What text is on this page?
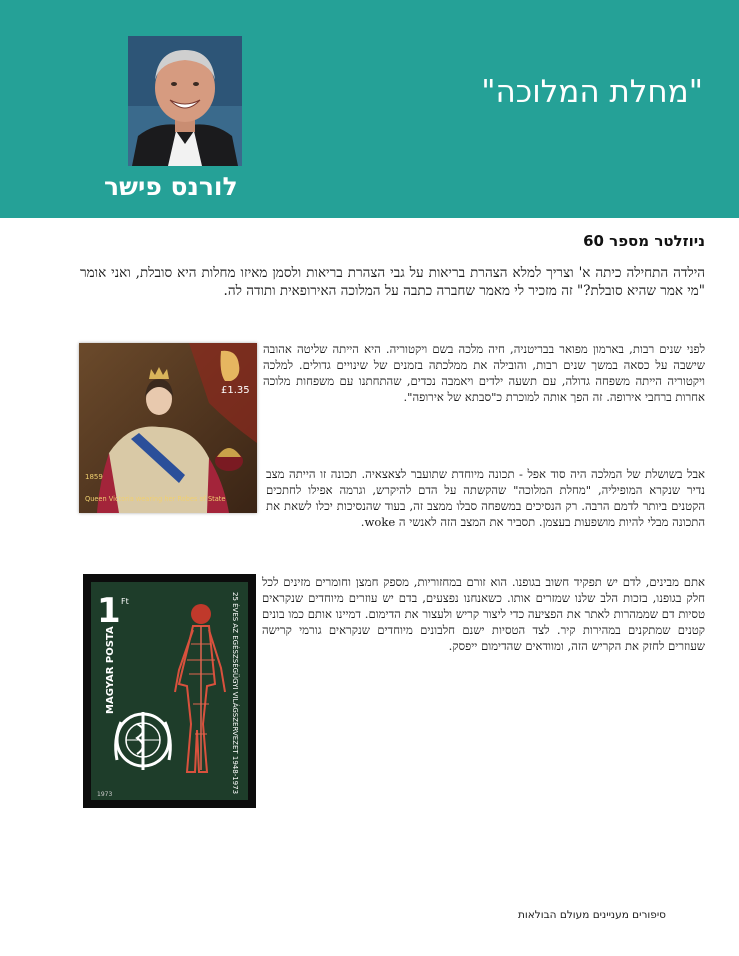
"מחלת המלוכה"
לורנס פישר
ניוזלטר מספר 60

הילדה התחילה כיתה א' וצריך למלא הצהרת בריאות על גבי הצהרת בריאות ולסמן מאיזו מחלות היא סובלת, ואני אומר "מי אמר שהיא סובלת?" זה מזכיר לי מאמר שחברה כתבה על המלוכה האירופאית ותודה לה.

£1.35
1859
Queen Victoria wearing her Robes of State

לפני שנים רבות, בארמון מפואר בבריטניה, חיה מלכה בשם ויקטוריה. היא הייתה שליטה אהובה שישבה על כסאה במשך שנים רבות, והובילה את ממלכתה בזמנים של שינויים גדולים. למלכה ויקטוריה הייתה משפחה גדולה, עם תשעה ילדים ויאמבה נכדים, שהתחתנו עם משפחות מלוכה אחרות ברחבי אירופה. זה הפך אותה למוכרת כ"סבתא של אירופה".

אבל בשושלת של המלכה היה סוד אפל - תכונה מיוחדת שתועבר לצאצאיה. תכונה זו הייתה מצב נדיר שנקרא המופיליה, "מחלת המלוכה" שהקשתה על הדם להיקרש, וגרמה אפילו לחתכים הקטנים ביותר לדמם הרבה. רק הנסיכים במשפחה סבלו ממצב זה, בעוד שהנסיכות יכלו לשאת את התכונה מבלי להיות מושפעות בעצמן. תסביר את המצב הזה לאנשי ה woke.

1 Ft
MAGYAR POSTA	25 ÉVES AZ EGÉSZSÉGÜGYI VILÁGSZERVEZET 1948-1973
1973

אתם מבינים, לדם יש תפקיד חשוב בגופנו. הוא זורם במחזוריות, מספק חמצן וחומרים מזינים לכל חלק בגופנו, בזכות הלב שלנו שמזרים אותו. כשאנחנו נפצעים, בדם יש עוזרים מיוחדים שנקראים טסיות דם שממהרות לאתר את הפציעה כדי ליצור קריש ולעצור את הדימום. דמיינו אותם כמו בונים קטנים שמתקנים במהירות קיר. לצד הטסיות ישנם חלבונים מיוחדים שנקראים גורמי קרישה שעוזרים לחזק את הקריש הזה, ומוודאים שהדימום ייפסק.

סיפורים מעניינים מעולם הבולאות
